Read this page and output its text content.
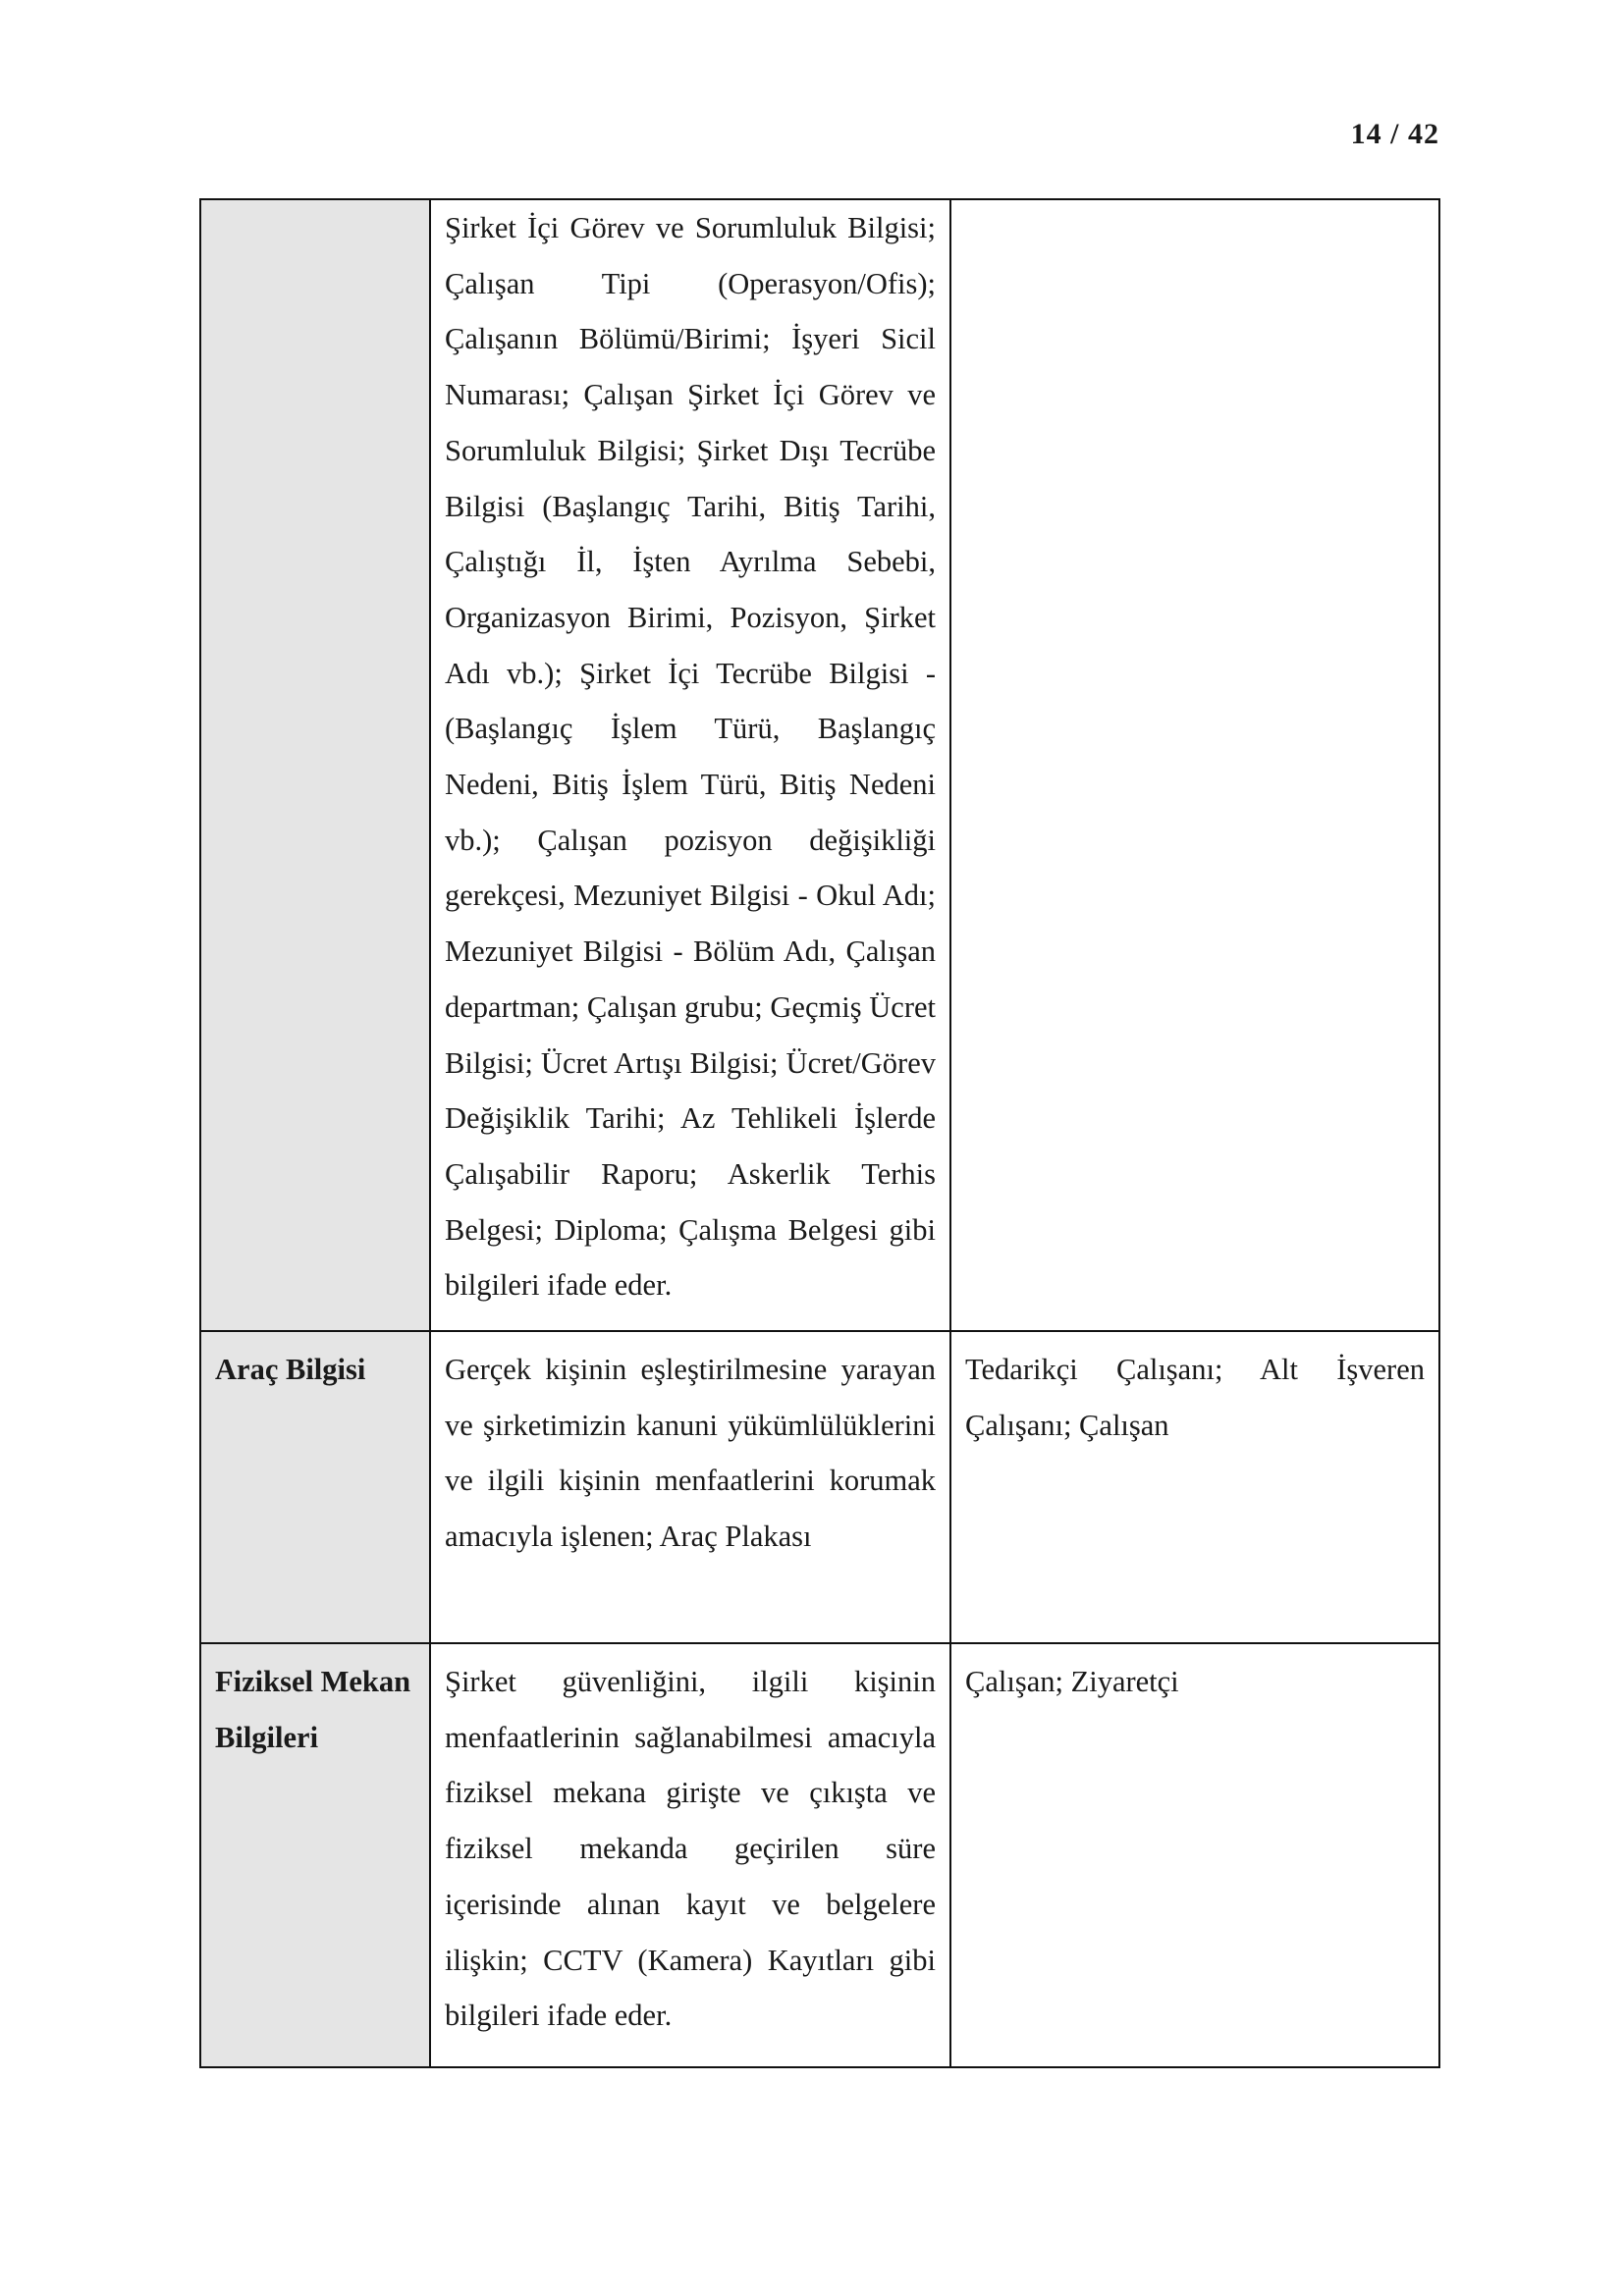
14 / 42

	Şirket İçi Görev ve Sorumluluk Bilgisi; Çalışan Tipi (Operasyon/Ofis); Çalışanın Bölümü/Birimi; İşyeri Sicil Numarası; Çalışan Şirket İçi Görev ve Sorumluluk Bilgisi; Şirket Dışı Tecrübe Bilgisi (Başlangıç Tarihi, Bitiş Tarihi, Çalıştığı İl, İşten Ayrılma Sebebi, Organizasyon Birimi, Pozisyon, Şirket Adı vb.); Şirket İçi Tecrübe Bilgisi - (Başlangıç İşlem Türü, Başlangıç Nedeni, Bitiş İşlem Türü, Bitiş Nedeni vb.); Çalışan pozisyon değişikliği gerekçesi, Mezuniyet Bilgisi - Okul Adı; Mezuniyet Bilgisi - Bölüm Adı, Çalışan departman; Çalışan grubu; Geçmiş Ücret Bilgisi; Ücret Artışı Bilgisi; Ücret/Görev Değişiklik Tarihi; Az Tehlikeli İşlerde Çalışabilir Raporu; Askerlik Terhis Belgesi; Diploma; Çalışma Belgesi gibi bilgileri ifade eder.	

Araç Bilgisi	Gerçek kişinin eşleştirilmesine yarayan ve şirketimizin kanuni yükümlülüklerini ve ilgili kişinin menfaatlerini korumak amacıyla işlenen; Araç Plakası	Tedarikçi Çalışanı; Alt İşveren Çalışanı; Çalışan

Fiziksel Mekan Bilgileri	Şirket güvenliğini, ilgili kişinin menfaatlerinin sağlanabilmesi amacıyla fiziksel mekana girişte ve çıkışta ve fiziksel mekanda geçirilen süre içerisinde alınan kayıt ve belgelere ilişkin; CCTV (Kamera) Kayıtları gibi bilgileri ifade eder.	Çalışan; Ziyaretçi
